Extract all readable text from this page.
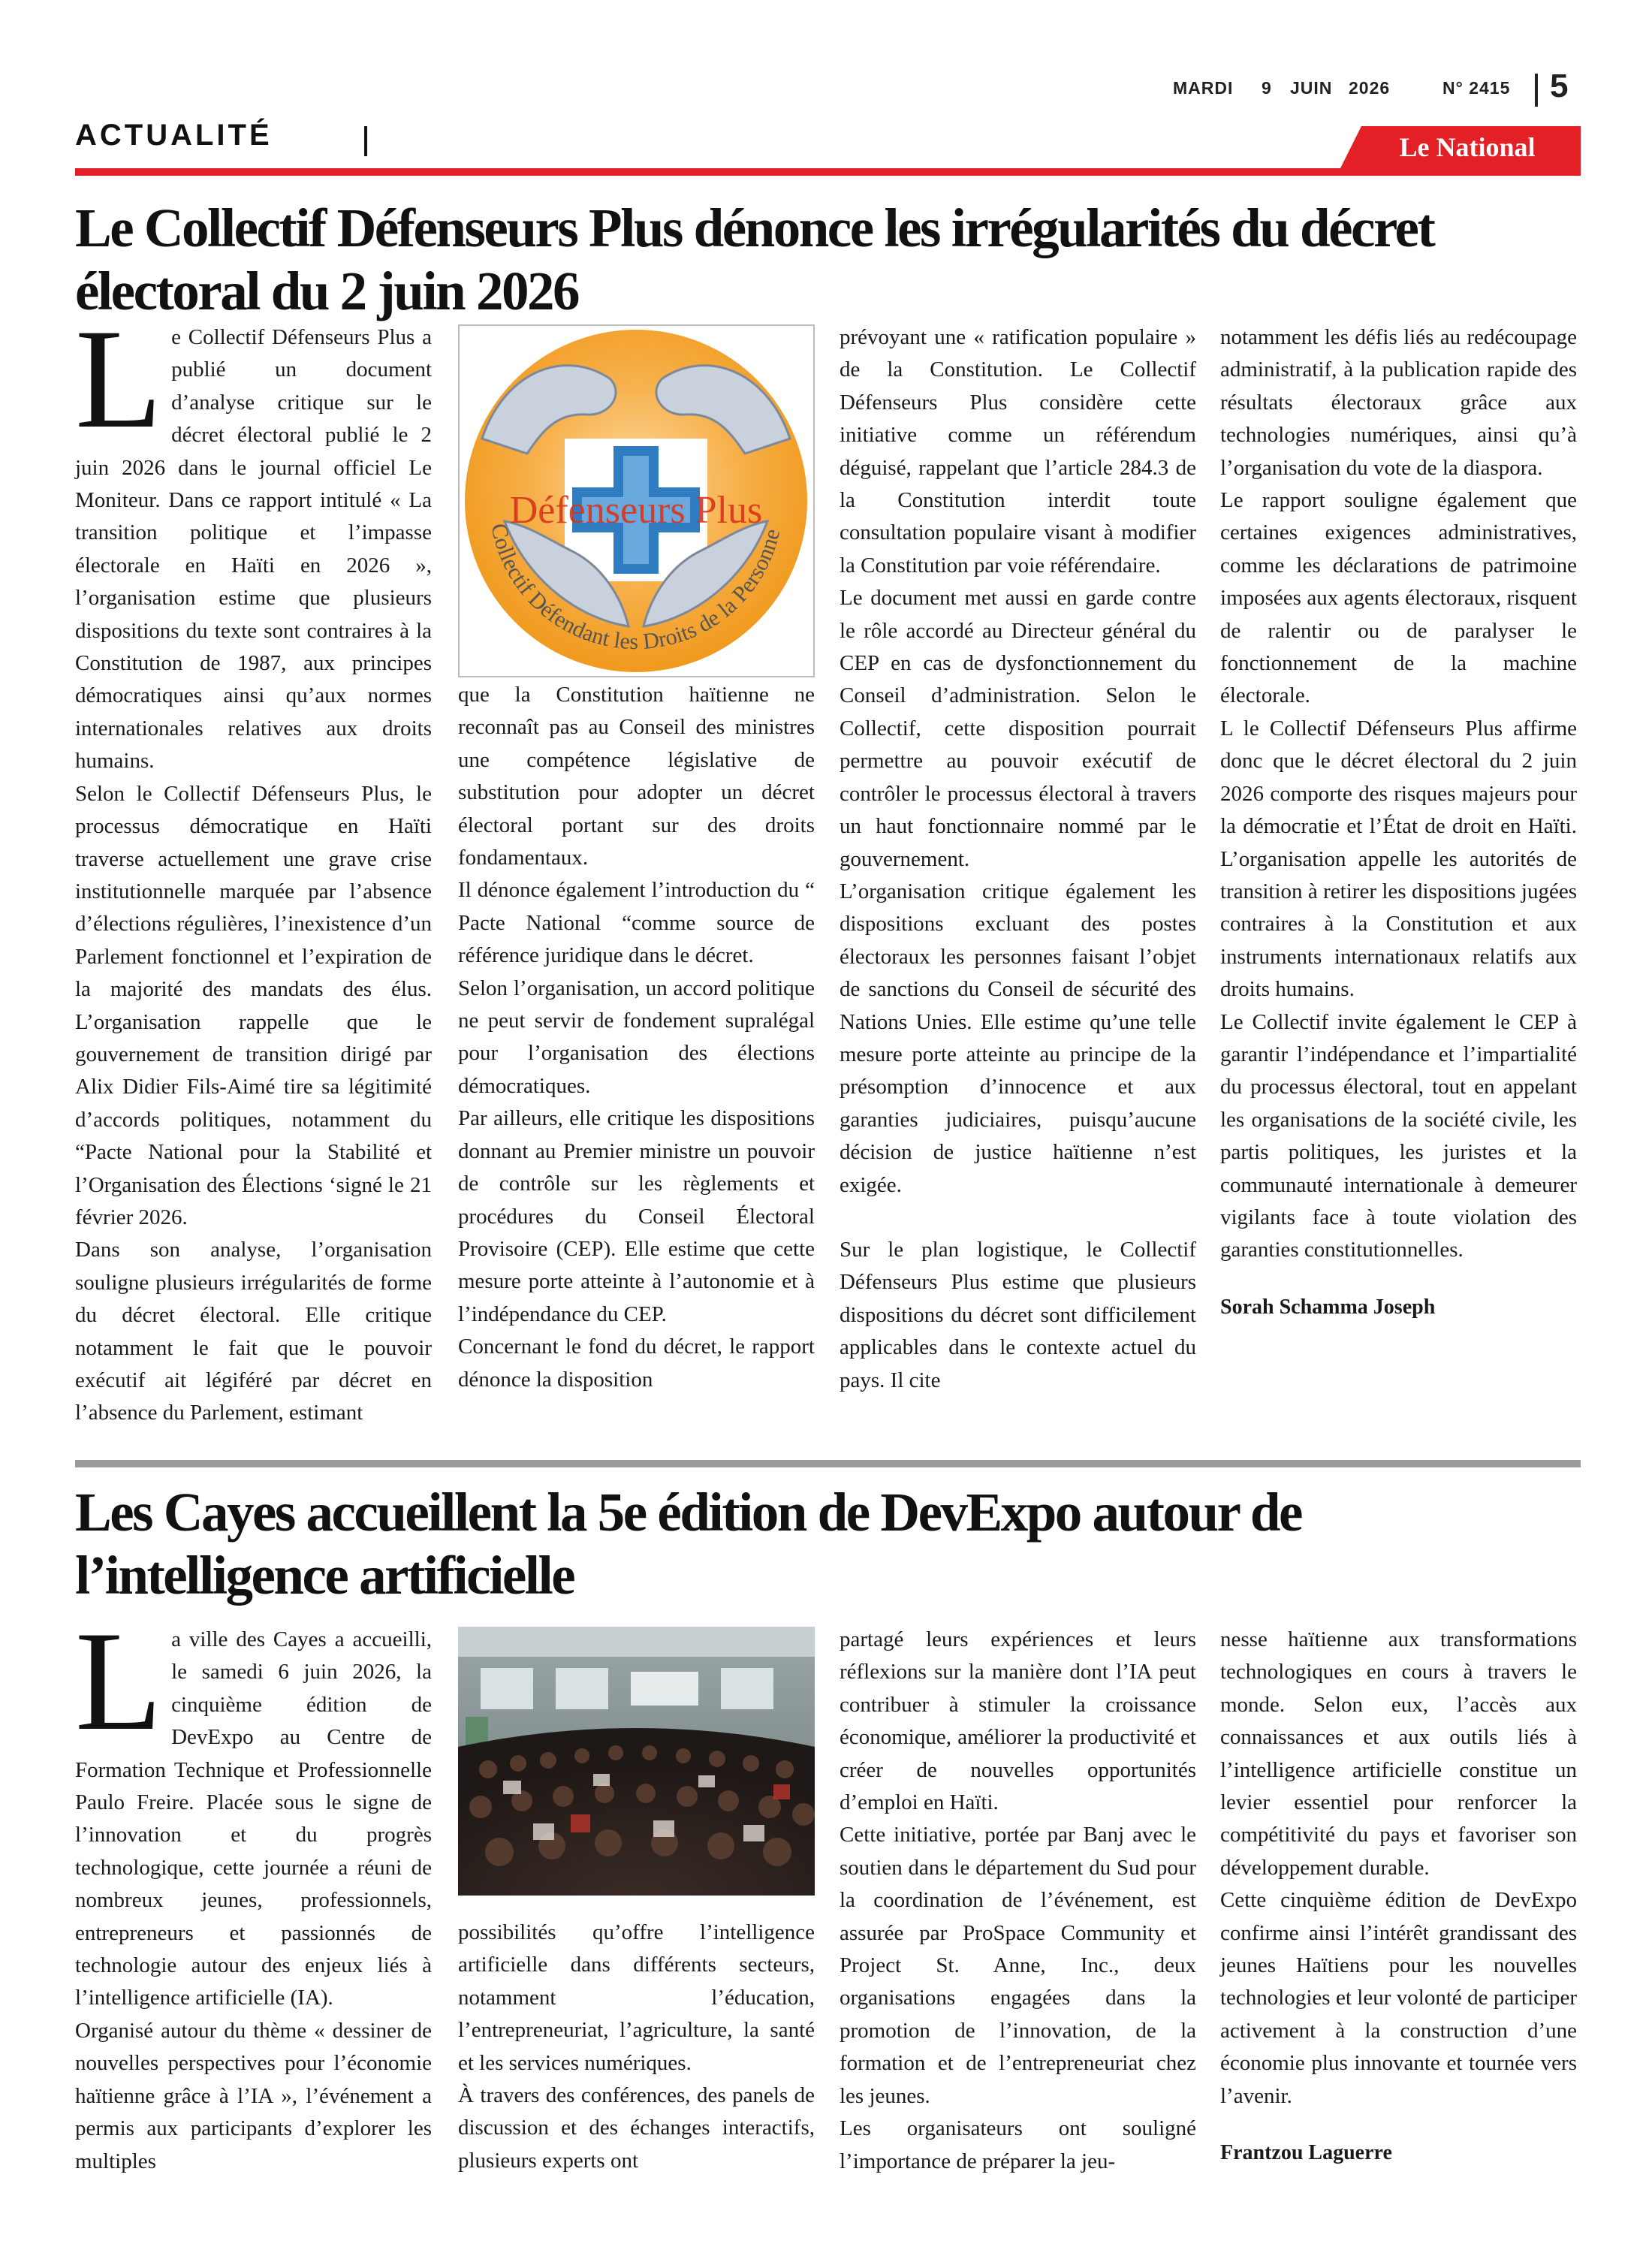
MARDI 9 JUIN 2026	N° 2415 5
ACTUALITÉ	Le National
Le Collectif Défenseurs Plus dénonce les irrégularités du décret
électoral du 2 juin 2026
L e Collectif Défenseurs Plus a publié un document d’analyse critique sur le décret électoral publié le 2 juin 2026 dans le journal officiel Le Moniteur. Dans ce rapport intitulé « La transition politique et l’impasse électorale en Haïti en 2026 », l’organisation estime que plusieurs dispositions du texte sont contraires à la Constitution de 1987, aux principes démocratiques ainsi qu’aux normes internationales relatives aux droits humains.

Selon le Collectif Défenseurs Plus, le processus démocratique en Haïti traverse actuellement une grave crise institutionnelle marquée par l’absence d’élections régulières, l’inexistence d’un Parlement fonctionnel et l’expiration de la majorité des mandats des élus. L’organisation rappelle que le gouvernement de transition dirigé par Alix Didier Fils-Aimé tire sa légitimité d’accords politiques, notamment du “Pacte National pour la Stabilité et l’Organisation des Élections ‘signé le 21 février 2026.

Dans son analyse, l’organisation souligne plusieurs irrégularités de forme du décret électoral. Elle critique notamment le fait que le pouvoir exécutif ait légiféré par décret en l’absence du Parlement, estimant

Défenseurs Plus
Collectif Défendant les Droits de la Personne

que la Constitution haïtienne ne reconnaît pas au Conseil des ministres une compétence législative de substitution pour adopter un décret électoral portant sur des droits fondamentaux.

Il dénonce également l’introduction du “ Pacte National “comme source de référence juridique dans le décret.

Selon l’organisation, un accord politique ne peut servir de fondement supralégal pour l’organisation des élections démocratiques.

Par ailleurs, elle critique les dispositions donnant au Premier ministre un pouvoir de contrôle sur les règlements et procédures du Conseil Électoral Provisoire (CEP). Elle estime que cette mesure porte atteinte à l’autonomie et à l’indépendance du CEP.

Concernant le fond du décret, le rapport dénonce la disposition

prévoyant une « ratification populaire » de la Constitution. Le Collectif Défenseurs Plus considère cette initiative comme un référendum déguisé, rappelant que l’article 284.3 de la Constitution interdit toute consultation populaire visant à modifier la Constitution par voie référendaire.

Le document met aussi en garde contre le rôle accordé au Directeur général du CEP en cas de dysfonctionnement du Conseil d’administration. Selon le Collectif, cette disposition pourrait permettre au pouvoir exécutif de contrôler le processus électoral à travers un haut fonctionnaire nommé par le gouvernement.

L’organisation critique également les dispositions excluant des postes électoraux les personnes faisant l’objet de sanctions du Conseil de sécurité des Nations Unies. Elle estime qu’une telle mesure porte atteinte au principe de la présomption d’innocence et aux garanties judiciaires, puisqu’aucune décision de justice haïtienne n’est exigée.

Sur le plan logistique, le Collectif Défenseurs Plus estime que plusieurs dispositions du décret sont difficilement applicables dans le contexte actuel du pays. Il cite

notamment les défis liés au redécoupage administratif, à la publication rapide des résultats électoraux grâce aux technologies numériques, ainsi qu’à l’organisation du vote de la diaspora.

Le rapport souligne également que certaines exigences administratives, comme les déclarations de patrimoine imposées aux agents électoraux, risquent de ralentir ou de paralyser le fonctionnement de la machine électorale.

L le Collectif Défenseurs Plus affirme donc que le décret électoral du 2 juin 2026 comporte des risques majeurs pour la démocratie et l’État de droit en Haïti. L’organisation appelle les autorités de transition à retirer les dispositions jugées contraires à la Constitution et aux instruments internationaux relatifs aux droits humains.

Le Collectif invite également le CEP à garantir l’indépendance et l’impartialité du processus électoral, tout en appelant les organisations de la société civile, les partis politiques, les juristes et la communauté internationale à demeurer vigilants face à toute violation des garanties constitutionnelles.

Sorah Schamma Joseph

Les Cayes accueillent la 5e édition de DevExpo autour de
l’intelligence artificielle
L a ville des Cayes a accueilli, le samedi 6 juin 2026, la cinquième édition de DevExpo au Centre de Formation Technique et Professionnelle Paulo Freire. Placée sous le signe de l’innovation et du progrès technologique, cette journée a réuni de nombreux jeunes, professionnels, entrepreneurs et passionnés de technologie autour des enjeux liés à l’intelligence artificielle (IA).

Organisé autour du thème « dessiner de nouvelles perspectives pour l’économie haïtienne grâce à l’IA », l’événement a permis aux participants d’explorer les multiples

possibilités qu’offre l’intelligence artificielle dans différents secteurs, notamment l’éducation, l’entrepreneuriat, l’agriculture, la santé et les services numériques.

À travers des conférences, des panels de discussion et des échanges interactifs, plusieurs experts ont

partagé leurs expériences et leurs réflexions sur la manière dont l’IA peut contribuer à stimuler la croissance économique, améliorer la productivité et créer de nouvelles opportunités d’emploi en Haïti.

Cette initiative, portée par Banj avec le soutien dans le département du Sud pour la coordination de l’événement, est assurée par ProSpace Community et Project St. Anne, Inc., deux organisations engagées dans la promotion de l’innovation, de la formation et de l’entrepreneuriat chez les jeunes.

Les organisateurs ont souligné l’importance de préparer la jeu-

nesse haïtienne aux transformations technologiques en cours à travers le monde. Selon eux, l’accès aux connaissances et aux outils liés à l’intelligence artificielle constitue un levier essentiel pour renforcer la compétitivité du pays et favoriser son développement durable.

Cette cinquième édition de DevExpo confirme ainsi l’intérêt grandissant des jeunes Haïtiens pour les nouvelles technologies et leur volonté de participer activement à la construction d’une économie plus innovante et tournée vers l’avenir.

Frantzou Laguerre
